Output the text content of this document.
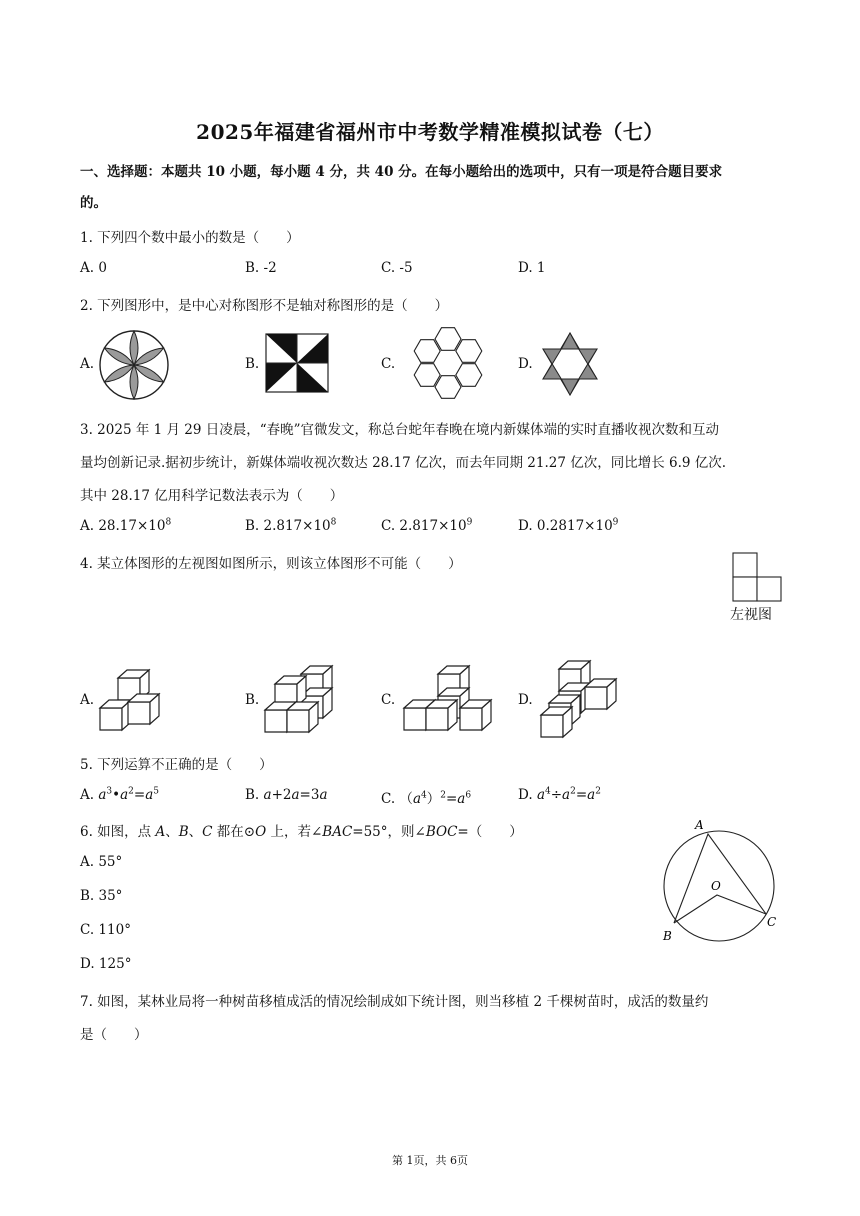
2025年福建省福州市中考数学精准模拟试卷（七）
一、选择题：本题共 10 小题，每小题 4 分，共 40 分。在每小题给出的选项中，只有一项是符合题目要求
的。
1. 下列四个数中最小的数是（　　）
A. 0	B. -2	C. -5	D. 1
2. 下列图形中，是中心对称图形不是轴对称图形的是（　　）
A.	B.	C.	D.
3. 2025 年 1 月 29 日凌晨，“春晚”官微发文，称总台蛇年春晚在境内新媒体端的实时直播收视次数和互动
量均创新记录.据初步统计，新媒体端收视次数达 28.17 亿次，而去年同期 21.27 亿次，同比增长 6.9 亿次.
其中 28.17 亿用科学记数法表示为（　　）
A. $28.17\times 10^8$	B. $2.817\times 10^8$	C. $2.817\times 10^9$	D. $0.2817\times 10^9$
4. 某立体图形的左视图如图所示，则该立体图形不可能（　　）
左视图
A.	B.	C.	D.
5. 下列运算不正确的是（　　）
A. $a^3•a^2=a^5$	B. a+2a=3a	C. $(a^4)^2=a^6$	D. $a^4\div a^2=a^2$
6. 如图，点 A、B、C 都在⊙O 上，若∠BAC=55°，则∠BOC=（　　）
A. 55°
B. 35°
C. 110°
D. 125°
A
O
B
C
7. 如图，某林业局将一种树苗移植成活的情况绘制成如下统计图，则当移植 2 千棵树苗时，成活的数量约
是（　　）
第 1页，共 6页
